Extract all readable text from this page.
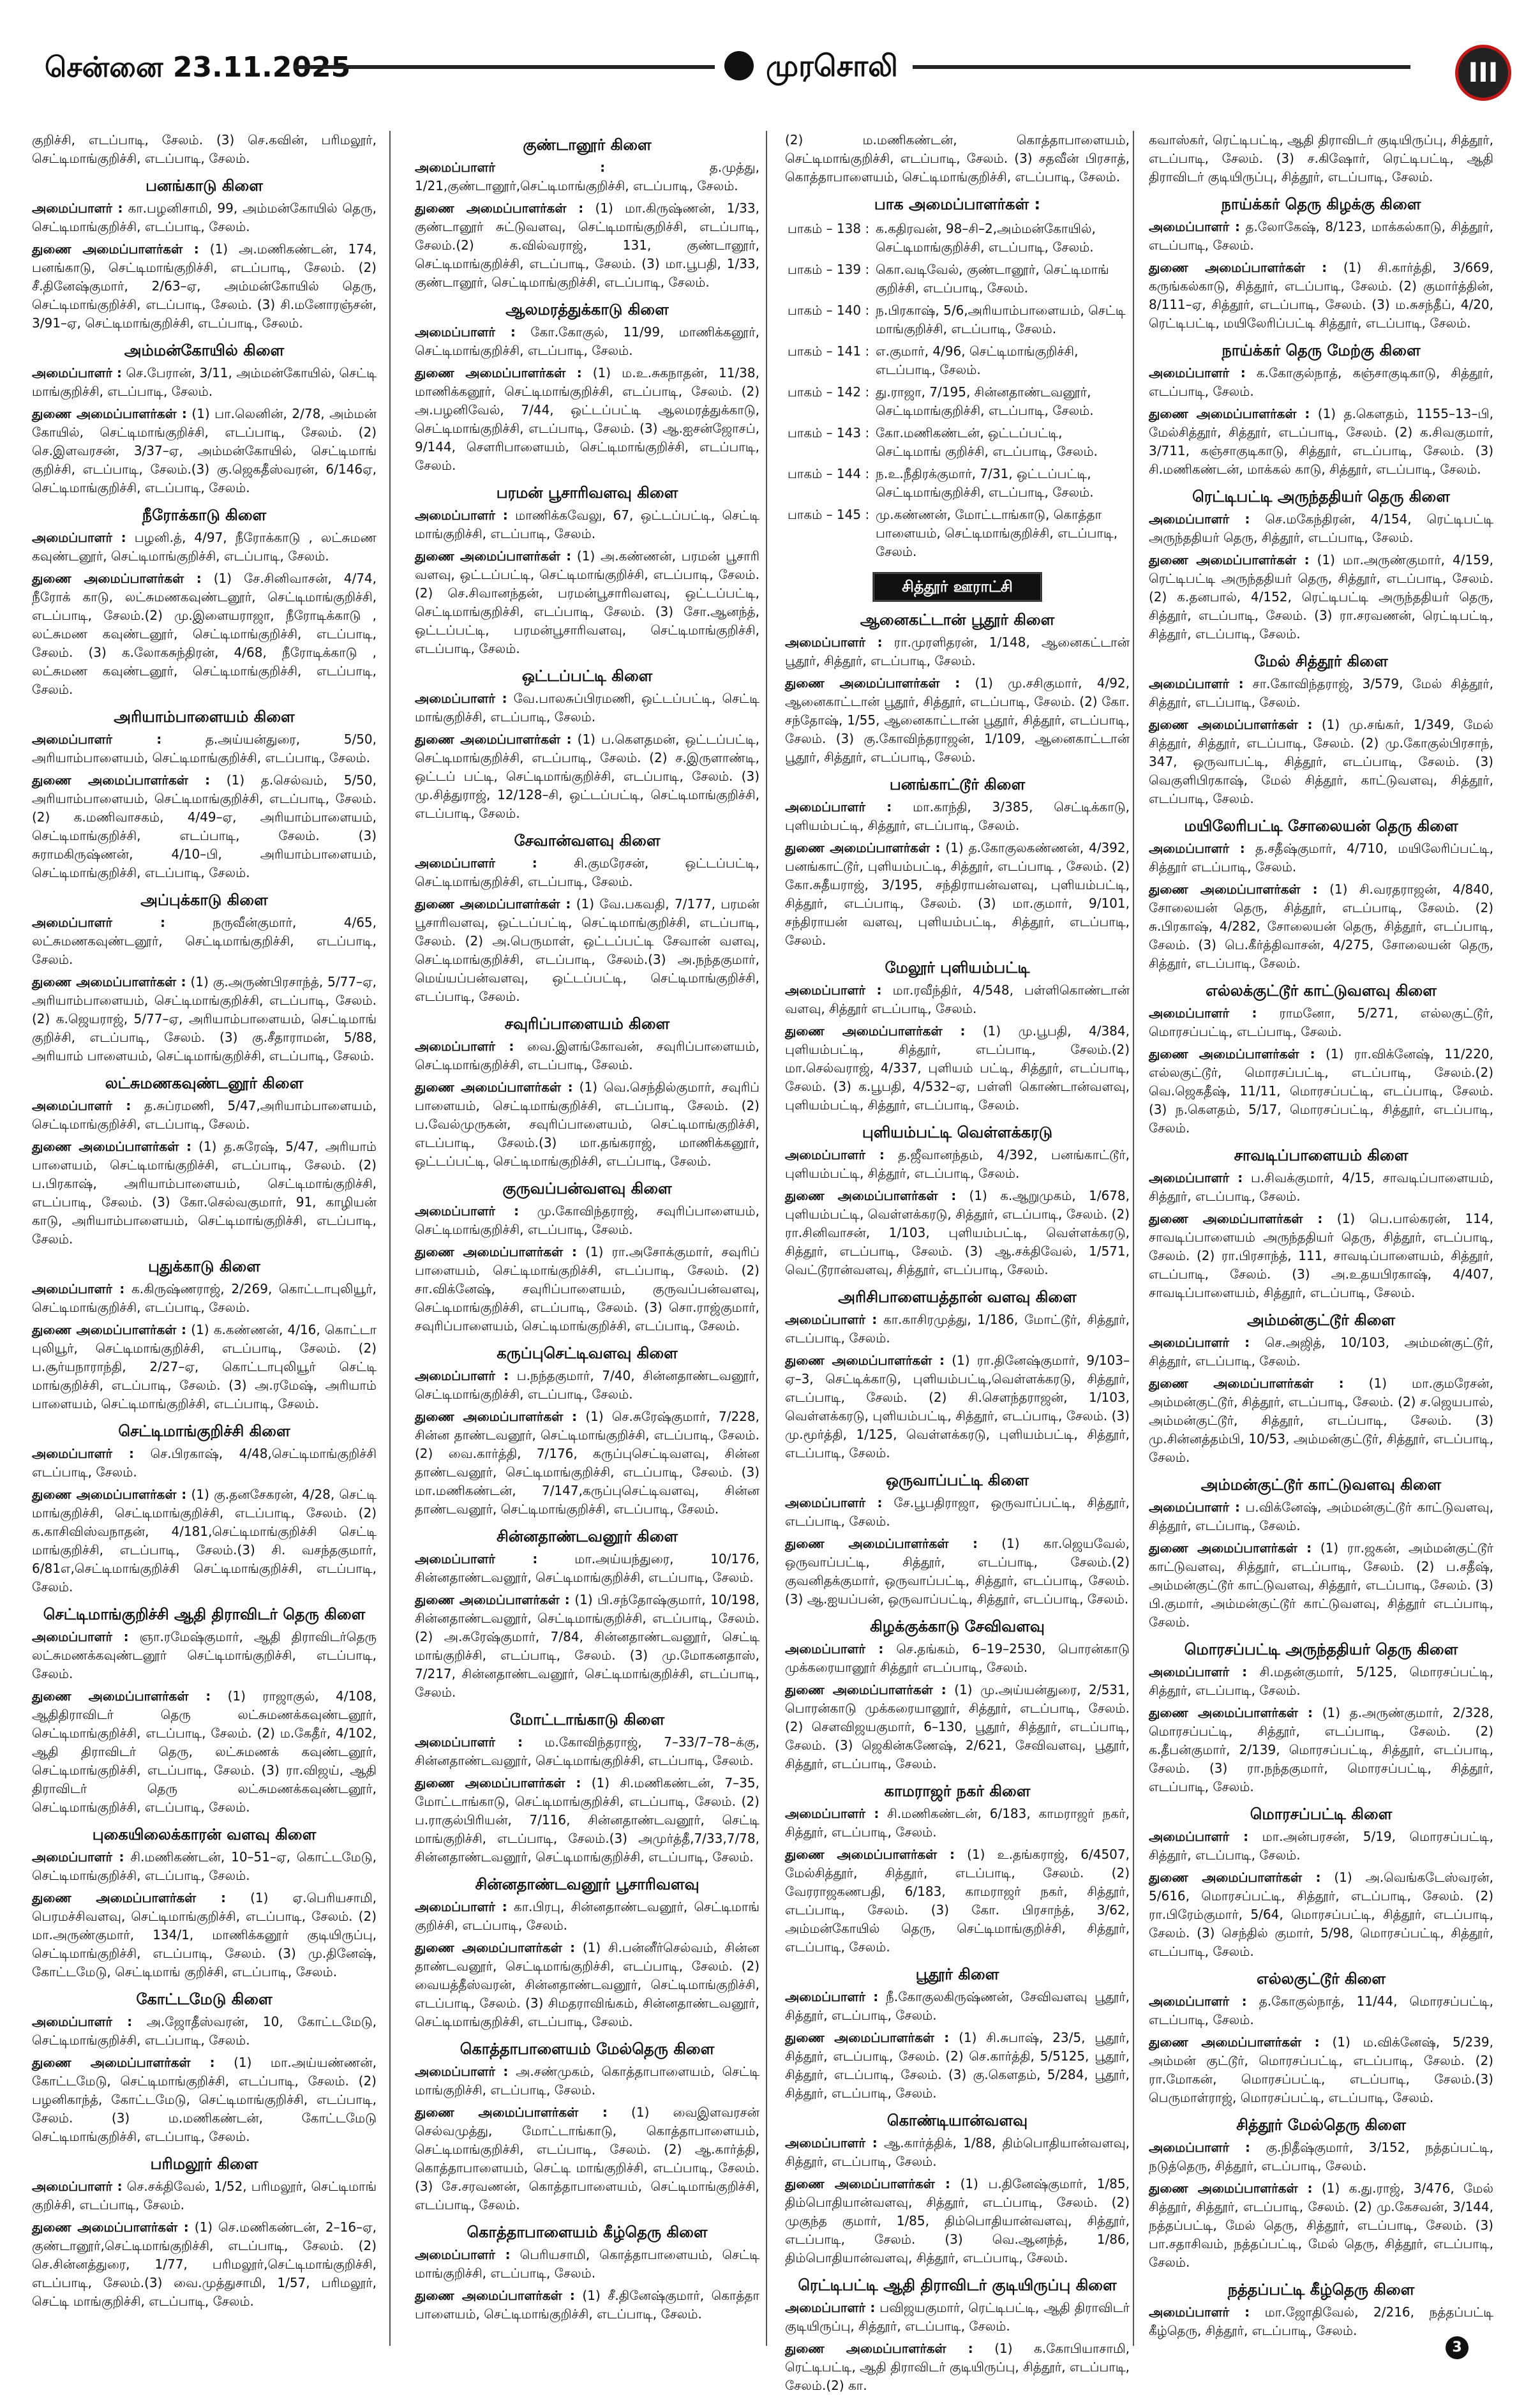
சென்னை 23.11.2025	முரசொலி	III

குறிச்சி, எடப்பாடி, சேலம். (3) செ.கவின், பரிமலூர், செட்டிமாங்குறிச்சி, எடப்பாடி, சேலம்.

பனங்காடு கிளை

அமைப்பாளர் : கா.பழனிசாமி, 99, அம்மன்கோயில் தெரு, செட்டிமாங்குறிச்சி, எடப்பாடி, சேலம்.

துணை அமைப்பாளர்கள் : (1) அ.மணிகண்டன், 174, பனங்காடு, செட்டிமாங்குறிச்சி, எடப்பாடி, சேலம். (2) சீ.தினேஷ்குமார், 2/63–ஏ, அம்மன்கோயில் தெரு, செட்டிமாங்குறிச்சி, எடப்பாடி, சேலம். (3) சி.மனோரஞ்சன், 3/91–ஏ, செட்டிமாங்குறிச்சி, எடப்பாடி, சேலம்.

அம்மன்கோயில் கிளை

அமைப்பாளர் : செ.பேரான், 3/11, அம்மன்கோயில், செட்டி மாங்குறிச்சி, எடப்பாடி, சேலம்.

துணை அமைப்பாளர்கள் : (1) பா.லெனின், 2/78, அம்மன் கோயில், செட்டிமாங்குறிச்சி, எடப்பாடி, சேலம். (2) செ.இளவரசன், 3/37–ஏ, அம்மன்கோயில், செட்டிமாங் குறிச்சி, எடப்பாடி, சேலம்.(3) கு.ஜெகதீஸ்வரன், 6/146ஏ, செட்டிமாங்குறிச்சி, எடப்பாடி, சேலம்.

நீரோக்காடு கிளை

அமைப்பாளர் : பழனி.த், 4/97, நீரோக்காடு , லட்சுமண கவுண்டனூர், செட்டிமாங்குறிச்சி, எடப்பாடி, சேலம்.

துணை அமைப்பாளர்கள் : (1) சே.சினிவாசன், 4/74, நீரோக் காடு, லட்சுமணகவுண்டனூர், செட்டிமாங்குறிச்சி, எடப்பாடி, சேலம்.(2) மு.இளையராஜா, நீரோடிக்காடு , லட்சுமண கவுண்டனூர், செட்டிமாங்குறிச்சி, எடப்பாடி, சேலம். (3) க.லோகசுந்திரன், 4/68, நீரோடிக்காடு , லட்சுமண கவுண்டனூர், செட்டிமாங்குறிச்சி, எடப்பாடி, சேலம்.

அரியாம்பாளையம் கிளை

அமைப்பாளர் :	த.அய்யன்துரை, 5/50, அரியாம்பாளையம், செட்டிமாங்குறிச்சி, எடப்பாடி, சேலம்.

துணை அமைப்பாளர்கள் : (1) த.செல்வம், 5/50, அரியாம்பாளையம், செட்டிமாங்குறிச்சி, எடப்பாடி, சேலம். (2) க.மணிவாசகம், 4/49–ஏ, அரியாம்பாளையம், செட்டிமாங்குறிச்சி, எடப்பாடி, சேலம். (3) சுராமகிருஷ்ணன், 4/10–பி, அரியாம்பாளையம், செட்டிமாங்குறிச்சி, எடப்பாடி, சேலம்.

அப்புக்காடு கிளை

அமைப்பாளர் :	நருவீன்குமார், 4/65, லட்சுமணகவுண்டனூர், செட்டிமாங்குறிச்சி, எடப்பாடி, சேலம்.

துணை அமைப்பாளர்கள் : (1) கு.அருண்பிரசாந்த், 5/77–ஏ, அரியாம்பாளையம், செட்டிமாங்குறிச்சி, எடப்பாடி, சேலம். (2) க.ஜெயராஜ், 5/77–ஏ, அரியாம்பாளையம், செட்டிமாங் குறிச்சி, எடப்பாடி, சேலம். (3) கு.சீதாராமன், 5/88, அரியாம் பாளையம், செட்டிமாங்குறிச்சி, எடப்பாடி, சேலம்.

லட்சுமணகவுண்டனூர் கிளை

அமைப்பாளர் : த.சுப்ரமணி, 5/47,அரியாம்பாளையம், செட்டிமாங்குறிச்சி, எடப்பாடி, சேலம்.

துணை அமைப்பாளர்கள் : (1) த.சுரேஷ், 5/47, அரியாம் பாளையம், செட்டிமாங்குறிச்சி, எடப்பாடி, சேலம். (2) ப.பிரகாஷ், அரியாம்பாளையம், செட்டிமாங்குறிச்சி, எடப்பாடி, சேலம். (3) கோ.செல்வகுமார், 91, காழியன் காடு, அரியாம்பாளையம், செட்டிமாங்குறிச்சி, எடப்பாடி, சேலம்.

புதுக்காடு கிளை

அமைப்பாளர் : க.கிருஷ்ணராஜ், 2/269, கொட்டாபுலியூர், செட்டிமாங்குறிச்சி, எடப்பாடி, சேலம்.

துணை அமைப்பாளர்கள் : (1) க.கண்ணன், 4/16, கொட்டா புலியூர், செட்டிமாங்குறிச்சி, எடப்பாடி, சேலம். (2) ப.சூர்யநாராந்தி, 2/27–ஏ, கொட்டாபுலியூர் செட்டி மாங்குறிச்சி, எடப்பாடி, சேலம். (3) அ.ரமேஷ், அரியாம் பாளையம், செட்டிமாங்குறிச்சி, எடப்பாடி, சேலம்.

செட்டிமாங்குறிச்சி கிளை

அமைப்பாளர் : செ.பிரகாஷ், 4/48,செட்டிமாங்குறிச்சி எடப்பாடி, சேலம்.

துணை அமைப்பாளர்கள் : (1) கு.தனசேகரன், 4/28, செட்டி மாங்குறிச்சி, செட்டிமாங்குறிச்சி, எடப்பாடி, சேலம். (2) க.காசிவிஸ்வநாதன், 4/181,செட்டிமாங்குறிச்சி செட்டி மாங்குறிச்சி, எடப்பாடி, சேலம்.(3) சி. வசந்தகுமார், 6/81எ,செட்டிமாங்குறிச்சி செட்டிமாங்குறிச்சி, எடப்பாடி, சேலம்.

செட்டிமாங்குறிச்சி ஆதி திராவிடர் தெரு கிளை

அமைப்பாளர் : ஞா.ரமேஷ்குமார், ஆதி திராவிடர்தெரு லட்சுமணக்கவுண்டனூர் செட்டிமாங்குறிச்சி, எடப்பாடி, சேலம்.

துணை அமைப்பாளர்கள் : (1) ராஜாகுல், 4/108, ஆதிதிராவிடர் தெரு லட்சுமணக்கவுண்டனூர், செட்டிமாங்குறிச்சி, எடப்பாடி, சேலம். (2) ம.கேதீர், 4/102, ஆதி திராவிடர் தெரு, லட்சுமணக் கவுண்டனூர், செட்டிமாங்குறிச்சி, எடப்பாடி, சேலம். (3) ரா.விஜய், ஆதி திராவிடர் தெரு லட்சுமணக்கவுண்டனூர், செட்டிமாங்குறிச்சி, எடப்பாடி, சேலம்.

புகையிலைக்காரன் வளவு கிளை

அமைப்பாளர் : சி.மணிகண்டன், 10–51–ஏ, கொட்டமேடு, செட்டிமாங்குறிச்சி, எடப்பாடி, சேலம்.

துணை அமைப்பாளர்கள் : (1) ஏ.பெரியசாமி, பெரமச்சிவளவு, செட்டிமாங்குறிச்சி, எடப்பாடி, சேலம். (2) மா.அருண்குமார், 134/1, மாணிக்கனூர் குடியிருப்பு, செட்டிமாங்குறிச்சி, எடப்பாடி, சேலம். (3) மு.தினேஷ், கோட்டமேடு, செட்டிமாங் குறிச்சி, எடப்பாடி, சேலம்.

கோட்டமேடு கிளை

அமைப்பாளர் : அ.ஜோதீஸ்வரன், 10, கோட்டமேடு, செட்டிமாங்குறிச்சி, எடப்பாடி, சேலம்.

துணை அமைப்பாளர்கள் : (1) மா.அய்யண்ணன், கோட்டமேடு, செட்டிமாங்குறிச்சி, எடப்பாடி, சேலம். (2) பழனிகாந்த், கோட்டமேடு, செட்டிமாங்குறிச்சி, எடப்பாடி, சேலம். (3) ம.மணிகண்டன், கோட்டமேடு செட்டிமாங்குறிச்சி, எடப்பாடி, சேலம்.

பரிமலூர் கிளை

அமைப்பாளர் : செ.சக்திவேல், 1/52, பரிமலூர், செட்டிமாங் குறிச்சி, எடப்பாடி, சேலம்.

துணை அமைப்பாளர்கள் : (1) செ.மணிகண்டன், 2–16–ஏ, குண்டானூர்,செட்டிமாங்குறிச்சி, எடப்பாடி, சேலம். (2) செ.சின்னத்துரை, 1/77, பரிமலூர்,செட்டிமாங்குறிச்சி, எடப்பாடி, சேலம்.(3) வை.முத்துசாமி, 1/57, பரிமலூர், செட்டி மாங்குறிச்சி, எடப்பாடி, சேலம்.

குண்டானூர் கிளை

அமைப்பாளர் :	த.முத்து, 1/21,குண்டானூர்,செட்டிமாங்குறிச்சி, எடப்பாடி, சேலம்.

துணை அமைப்பாளர்கள் : (1) மா.கிருஷ்ணன், 1/33, குண்டானூர் சுட்டுவளவு, செட்டிமாங்குறிச்சி, எடப்பாடி, சேலம்.(2) க.வில்வராஜ், 131, குண்டானூர், செட்டிமாங்குறிச்சி, எடப்பாடி, சேலம். (3) மா.பூபதி, 1/33, குண்டானூர், செட்டிமாங்குறிச்சி, எடப்பாடி, சேலம்.

ஆலமரத்துக்காடு கிளை

அமைப்பாளர் : கோ.கோகுல், 11/99, மாணிக்கனூர், செட்டிமாங்குறிச்சி, எடப்பாடி, சேலம்.

துணை அமைப்பாளர்கள் : (1) ம.உ.சுகநாதன், 11/38, மாணிக்கனூர், செட்டிமாங்குறிச்சி, எடப்பாடி, சேலம். (2) அ.பழனிவேல், 7/44, ஒட்டப்பட்டி ஆலமரத்துக்காடு, செட்டிமாங்குறிச்சி, எடப்பாடி, சேலம். (3) ஆ.ஐசன்ஜோசப், 9/144, சௌரிபாளையம், செட்டிமாங்குறிச்சி, எடப்பாடி, சேலம்.

பரமன் பூசாரிவளவு கிளை

அமைப்பாளர் : மாணிக்கவேலு, 67, ஒட்டப்பட்டி, செட்டி மாங்குறிச்சி, எடப்பாடி, சேலம்.

துணை அமைப்பாளர்கள் : (1) அ.கண்ணன், பரமன் பூசாரி வளவு, ஒட்டப்பட்டி, செட்டிமாங்குறிச்சி, எடப்பாடி, சேலம். (2) செ.சிவானந்தன், பரமன்பூசாரிவளவு, ஒட்டப்பட்டி, செட்டிமாங்குறிச்சி, எடப்பாடி, சேலம். (3) சோ.ஆனந்த், ஒட்டப்பட்டி, பரமன்பூசாரிவளவு, செட்டிமாங்குறிச்சி, எடப்பாடி, சேலம்.

ஒட்டப்பட்டி கிளை

அமைப்பாளர் : வே.பாலசுப்பிரமணி, ஒட்டப்பட்டி, செட்டி மாங்குறிச்சி, எடப்பாடி, சேலம்.

துணை அமைப்பாளர்கள் : (1) ப.கௌதமன், ஒட்டப்பட்டி, செட்டிமாங்குறிச்சி, எடப்பாடி, சேலம். (2) ச.இருளாண்டி, ஒட்டப் பட்டி, செட்டிமாங்குறிச்சி, எடப்பாடி, சேலம். (3) மு.சித்துராஜ், 12/128–சி, ஒட்டப்பட்டி, செட்டிமாங்குறிச்சி, எடப்பாடி, சேலம்.

சேவான்வளவு கிளை

அமைப்பாளர் :	சி.குமரேசன், ஒட்டப்பட்டி, செட்டிமாங்குறிச்சி, எடப்பாடி, சேலம்.

துணை அமைப்பாளர்கள் : (1) வே.பகவதி, 7/177, பரமன் பூசாரிவளவு, ஒட்டப்பட்டி, செட்டிமாங்குறிச்சி, எடப்பாடி, சேலம். (2) அ.பெருமாள், ஒட்டப்பட்டி சேவான் வளவு, செட்டிமாங்குறிச்சி, எடப்பாடி, சேலம்.(3) அ.நந்தகுமார், மெய்யப்பன்வளவு, ஒட்டப்பட்டி, செட்டிமாங்குறிச்சி, எடப்பாடி, சேலம்.

சவுரிப்பாளையம் கிளை

அமைப்பாளர் : வை.இளங்கோவன், சவுரிப்பாளையம், செட்டிமாங்குறிச்சி, எடப்பாடி, சேலம்.

துணை அமைப்பாளர்கள் : (1) வெ.செந்தில்குமார், சவுரிப் பாளையம், செட்டிமாங்குறிச்சி, எடப்பாடி, சேலம். (2) ப.வேல்முருகன், சவுரிப்பாளையம், செட்டிமாங்குறிச்சி, எடப்பாடி, சேலம்.(3) மா.தங்கராஜ், மாணிக்கனூர், ஒட்டப்பட்டி, செட்டிமாங்குறிச்சி, எடப்பாடி, சேலம்.

குருவப்பன்வளவு கிளை

அமைப்பாளர் : மு.கோவிந்தராஜ், சவுரிப்பாளையம், செட்டிமாங்குறிச்சி, எடப்பாடி, சேலம்.

துணை அமைப்பாளர்கள் : (1) ரா.அசோக்குமார், சவுரிப் பாளையம், செட்டிமாங்குறிச்சி, எடப்பாடி, சேலம். (2) சா.விக்னேஷ், சவுரிப்பாளையம், குருவப்பன்வளவு, செட்டிமாங்குறிச்சி, எடப்பாடி, சேலம். (3) சொ.ராஜ்குமார், சவுரிப்பாளையம், செட்டிமாங்குறிச்சி, எடப்பாடி, சேலம்.

கருப்புசெட்டிவளவு கிளை

அமைப்பாளர் : ப.நந்தகுமார், 7/40, சின்னதாண்டவனூர், செட்டிமாங்குறிச்சி, எடப்பாடி, சேலம்.

துணை அமைப்பாளர்கள் : (1) செ.சுரேஷ்குமார், 7/228, சின்ன தாண்டவனூர், செட்டிமாங்குறிச்சி, எடப்பாடி, சேலம். (2) வை.கார்த்தி, 7/176, கருப்புசெட்டிவளவு, சின்ன தாண்டவனூர், செட்டிமாங்குறிச்சி, எடப்பாடி, சேலம். (3) மா.மணிகண்டன், 7/147,கருப்புசெட்டிவளவு, சின்ன தாண்டவனூர், செட்டிமாங்குறிச்சி, எடப்பாடி, சேலம்.

சின்னதாண்டவனூர் கிளை

அமைப்பாளர் :	மா.அய்யந்துரை, 10/176, சின்னதாண்டவனூர், செட்டிமாங்குறிச்சி, எடப்பாடி, சேலம்.

துணை அமைப்பாளர்கள் : (1) பி.சந்தோஷ்குமார், 10/198, சின்னதாண்டவனூர், செட்டிமாங்குறிச்சி, எடப்பாடி, சேலம். (2) அ.சுரேஷ்குமார், 7/84, சின்னதாண்டவனூர், செட்டி மாங்குறிச்சி, எடப்பாடி, சேலம். (3) மு.மோகனதாஸ், 7/217, சின்னதாண்டவனூர், செட்டிமாங்குறிச்சி, எடப்பாடி, சேலம்.

மோட்டாங்காடு கிளை

அமைப்பாளர் : ம.கோவிந்தராஜ், 7–33/7–78–க்கு, சின்னதாண்டவனூர், செட்டிமாங்குறிச்சி, எடப்பாடி, சேலம்.

துணை அமைப்பாளர்கள் : (1) சி.மணிகண்டன், 7–35, மோட்டாங்காடு, செட்டிமாங்குறிச்சி, எடப்பாடி, சேலம். (2) ப.ராகுல்பிரியன், 7/116, சின்னதாண்டவனூர், செட்டி மாங்குறிச்சி, எடப்பாடி, சேலம்.(3) அமுர்த்தீ,7/33,7/78, சின்னதாண்டவனூர், செட்டிமாங்குறிச்சி, எடப்பாடி, சேலம்.

சின்னதாண்டவனூர் பூசாரிவளவு

அமைப்பாளர் : கா.பிரபு, சின்னதாண்டவனூர், செட்டிமாங் குறிச்சி, எடப்பாடி, சேலம்.

துணை அமைப்பாளர்கள் : (1) சி.பன்னீர்செல்வம், சின்ன தாண்டவனூர், செட்டிமாங்குறிச்சி, எடப்பாடி, சேலம். (2) வையத்தீஸ்வரன், சின்னதாண்டவனூர், செட்டிமாங்குறிச்சி, எடப்பாடி, சேலம். (3) சிமதராவிங்கம், சின்னதாண்டவனூர், செட்டிமாங்குறிச்சி, எடப்பாடி, சேலம்.

கொத்தாபாளையம் மேல்தெரு கிளை

அமைப்பாளர் : அ.சண்முகம், கொத்தாபாளையம், செட்டி மாங்குறிச்சி, எடப்பாடி, சேலம்.

துணை அமைப்பாளர்கள் : (1) வைஇளவரசன் செல்வமுத்து, மோட்டாங்காடு, கொத்தாபாளையம், செட்டிமாங்குறிச்சி, எடப்பாடி, சேலம். (2) ஆ.கார்த்தி, கொத்தாபாளையம், செட்டி மாங்குறிச்சி, எடப்பாடி, சேலம்.(3) சே.சரவணன், கொத்தாபாளையம், செட்டிமாங்குறிச்சி, எடப்பாடி, சேலம்.

கொத்தாபாளையம் கீழ்தெரு கிளை

அமைப்பாளர் : பெரியசாமி, கொத்தாபாளையம், செட்டி மாங்குறிச்சி, எடப்பாடி, சேலம்.

துணை அமைப்பாளர்கள் : (1) சீ.தினேஷ்குமார், கொத்தா பாளையம், செட்டிமாங்குறிச்சி, எடப்பாடி, சேலம்.

(2) ம.மணிகண்டன், கொத்தாபாளையம், செட்டிமாங்குறிச்சி, எடப்பாடி, சேலம். (3) சதவீன் பிரசாத், கொத்தாபாளையம், செட்டிமாங்குறிச்சி, எடப்பாடி, சேலம்.

பாக அமைப்பாளர்கள் :
பாகம் – 138 :	க.கதிரவன், 98–சி–2,அம்மன்கோயில், செட்டிமாங்குறிச்சி, எடப்பாடி, சேலம்.
பாகம் – 139 :	கொ.வடிவேல், குண்டானூர், செட்டிமாங் குறிச்சி, எடப்பாடி, சேலம்.
பாகம் – 140 :	ந.பிரகாஷ், 5/6,அரியாம்பாளையம், செட்டி மாங்குறிச்சி, எடப்பாடி, சேலம்.
பாகம் – 141 :	எ.குமார், 4/96, செட்டிமாங்குறிச்சி, எடப்பாடி, சேலம்.
பாகம் – 142 :	து.ராஜா, 7/195, சின்னதாண்டவனூர், செட்டிமாங்குறிச்சி, எடப்பாடி, சேலம்.
பாகம் – 143 :	கோ.மணிகண்டன், ஒட்டப்பட்டி, செட்டிமாங் குறிச்சி, எடப்பாடி, சேலம்.
பாகம் – 144 :	ந.உ.நீதிரக்குமார், 7/31, ஒட்டப்பட்டி, செட்டிமாங்குறிச்சி, எடப்பாடி, சேலம்.
பாகம் – 145 :	மு.கண்ணன், மோட்டாங்காடு, கொத்தா பாளையம், செட்டிமாங்குறிச்சி, எடப்பாடி, சேலம்.
சித்தூர் ஊராட்சி
ஆனைகட்டான் பூதூர் கிளை

அமைப்பாளர் : ரா.முரளிதரன், 1/148, ஆனைகட்டான் பூதூர், சித்தூர், எடப்பாடி, சேலம்.

துணை அமைப்பாளர்கள் : (1) மு.சசிகுமார், 4/92, ஆனைகாட்டான் பூதூர், சித்தூர், எடப்பாடி, சேலம். (2) கோ. சந்தோஷ், 1/55, ஆனைகாட்டான் பூதூர், சித்தூர், எடப்பாடி, சேலம். (3) கு.கோவிந்தராஜன், 1/109, ஆனைகாட்டான் பூதூர், சித்தூர், எடப்பாடி, சேலம்.

பனங்காட்டூர் கிளை

அமைப்பாளர் : மா.காந்தி, 3/385, செட்டிக்காடு, புளியம்பட்டி, சித்தூர், எடப்பாடி, சேலம்.

துணை அமைப்பாளர்கள் : (1) த.கோகுலகண்ணன், 4/392, பனங்காட்டூர், புளியம்பட்டி, சித்தூர், எடப்பாடி , சேலம். (2) கோ.சுதீயராஜ், 3/195, சந்திராயன்வளவு, புளியம்பட்டி, சித்தூர், எடப்பாடி, சேலம். (3) மா.குமார், 9/101, சந்திராயன் வளவு, புளியம்பட்டி, சித்தூர், எடப்பாடி, சேலம்.

மேலூர் புளியம்பட்டி

அமைப்பாளர் : மா.ரவீந்திர், 4/548, பள்ளிகொண்டான் வளவு, சித்தூர் எடப்பாடி, சேலம்.

துணை அமைப்பாளர்கள் : (1) மு.பூபதி, 4/384, புளியம்பட்டி, சித்தூர், எடப்பாடி, சேலம்.(2) மா.செல்வராஜ், 4/337, புளியம் பட்டி, சித்தூர், எடப்பாடி, சேலம். (3) க.பூபதி, 4/532–ஏ, பள்ளி கொண்டான்வளவு, புளியம்பட்டி, சித்தூர், எடப்பாடி, சேலம்.

புளியம்பட்டி வெள்ளக்கரடு

அமைப்பாளர் : த.ஜீவானந்தம், 4/392, பனங்காட்டூர், புளியம்பட்டி, சித்தூர், எடப்பாடி, சேலம்.

துணை அமைப்பாளர்கள் : (1) க.ஆறுமுகம், 1/678, புளியம்பட்டி, வெள்ளக்கரடு, சித்தூர், எடப்பாடி, சேலம். (2) ரா.சினிவாசன், 1/103, புளியம்பட்டி, வெள்ளக்கரடு, சித்தூர், எடப்பாடி, சேலம். (3) ஆ.சக்திவேல், 1/571, வெட்டூரான்வளவு, சித்தூர், எடப்பாடி, சேலம்.

அரிசிபாளையத்தான் வளவு கிளை

அமைப்பாளர் : கா.காசிரமுத்து, 1/186, மோட்டூர், சித்தூர், எடப்பாடி, சேலம்.

துணை அமைப்பாளர்கள் : (1) ரா.தினேஷ்குமார், 9/103–ஏ–3, செட்டிக்காடு, புளியம்பட்டி,வெள்ளக்கரடு, சித்தூர், எடப்பாடி, சேலம். (2) சி.சௌந்தராஜன், 1/103, வெள்ளக்கரடு, புளியம்பட்டி, சித்தூர், எடப்பாடி, சேலம். (3) மு.மூர்த்தி, 1/125, வெள்ளக்கரடு, புளியம்பட்டி, சித்தூர், எடப்பாடி, சேலம்.

ஒருவாப்பட்டி கிளை

அமைப்பாளர் : சே.பூபதிராஜா, ஒருவாப்பட்டி, சித்தூர், எடப்பாடி, சேலம்.

துணை அமைப்பாளர்கள் : (1) கா.ஜெயவேல், ஒருவாப்பட்டி, சித்தூர், எடப்பாடி, சேலம்.(2) குவனிதக்குமார், ஒருவாப்பட்டி, சித்தூர், எடப்பாடி, சேலம். (3) ஆ.ஐயப்பன், ஒருவாப்பட்டி, சித்தூர், எடப்பாடி, சேலம்.

கிழக்குக்காடு சேவிவளவு

அமைப்பாளர் : செ.தங்கம், 6–19–2530, பொரன்காடு முக்கரையானூர் சித்தூர் எடப்பாடி, சேலம்.

துணை அமைப்பாளர்கள் : (1) மு.அய்யன்துரை, 2/531, பொரன்காடு முக்கரையானூர், சித்தூர், எடப்பாடி, சேலம். (2) செளவிஜயகுமார், 6–130, பூதூர், சித்தூர், எடப்பாடி, சேலம். (3) ஜெகின்கணேஷ், 2/621, சேவிவளவு, பூதூர், சித்தூர், எடப்பாடி, சேலம்.

காமராஜர் நகர் கிளை

அமைப்பாளர் : சி.மணிகண்டன், 6/183, காமராஜர் நகர், சித்தூர், எடப்பாடி, சேலம்.

துணை அமைப்பாளர்கள் : (1) உ.தங்கராஜ், 6/4507, மேல்சித்தூர், சித்தூர், எடப்பாடி, சேலம். (2) வேரராஜகணபதி, 6/183, காமராஜர் நகர், சித்தூர், எடப்பாடி, சேலம். (3) கோ. பிரசாந்த், 3/62, அம்மன்கோயில் தெரு, செட்டிமாங்குறிச்சி, சித்தூர், எடப்பாடி, சேலம்.

பூதூர் கிளை

அமைப்பாளர் : நீ.கோகுலகிருஷ்ணன், சேவிவளவு பூதூர், சித்தூர், எடப்பாடி, சேலம்.

துணை அமைப்பாளர்கள் : (1) சி.சுபாஷ், 23/5, பூதூர், சித்தூர், எடப்பாடி, சேலம். (2) செ.கார்த்தி, 5/5125, பூதூர், சித்தூர், எடப்பாடி, சேலம். (3) கு.கௌதம், 5/284, பூதூர், சித்தூர், எடப்பாடி, சேலம்.

கொண்டியான்வளவு

அமைப்பாளர் : ஆ.கார்த்திக், 1/88, திம்பொதியான்வளவு, சித்தூர், எடப்பாடி, சேலம்.

துணை அமைப்பாளர்கள் : (1) ப.தினேஷ்குமார், 1/85, திம்பொதியான்வளவு, சித்தூர், எடப்பாடி, சேலம். (2) முகுந்த குமார், 1/85, திம்பொதியான்வளவு, சித்தூர், எடப்பாடி, சேலம். (3) வெ.ஆனந்த், 1/86, திம்பொதியான்வளவு, சித்தூர், எடப்பாடி, சேலம்.

ரெட்டிபட்டி ஆதி திராவிடர் குடியிருப்பு கிளை

அமைப்பாளர் : பவிஜயகுமார், ரெட்டிபட்டி, ஆதி திராவிடர் குடியிருப்பு, சித்தூர், எடப்பாடி, சேலம்.

துணை அமைப்பாளர்கள் : (1) க.கோபியாசாமி, ரெட்டிபட்டி, ஆதி திராவிடர் குடியிருப்பு, சித்தூர், எடப்பாடி, சேலம்.(2) கா.

கவாஸ்கர், ரெட்டிபட்டி, ஆதி திராவிடர் குடியிருப்பு, சித்தூர், எடப்பாடி, சேலம். (3) ச.கிஷோர், ரெட்டிபட்டி, ஆதி திராவிடர் குடியிருப்பு, சித்தூர், எடப்பாடி, சேலம்.

நாய்க்கர் தெரு கிழக்கு கிளை

அமைப்பாளர் : த.லோகேஷ், 8/123, மாக்கல்காடு, சித்தூர், எடப்பாடி, சேலம்.

துணை அமைப்பாளர்கள் : (1) சி.கார்த்தி, 3/669, கருங்கல்காடு, சித்தூர், எடப்பாடி, சேலம். (2) குமார்த்தின், 8/111–ஏ, சித்தூர், எடப்பாடி, சேலம். (3) ம.சுசந்தீப், 4/20, ரெட்டிபட்டி, மயிலேரிப்பட்டி சித்தூர், எடப்பாடி, சேலம்.

நாய்க்கர் தெரு மேற்கு கிளை

அமைப்பாளர் : க.கோகுல்நாத், கஞ்சாகுடிகாடு, சித்தூர், எடப்பாடி, சேலம்.

துணை அமைப்பாளர்கள் : (1) த.கௌதம், 1155–13–பி, மேல்சித்தூர், சித்தூர், எடப்பாடி, சேலம். (2) க.சிவகுமார், 3/711, கஞ்சாகுடிகாடு, சித்தூர், எடப்பாடி, சேலம். (3) சி.மணிகண்டன், மாக்கல் காடு, சித்தூர், எடப்பாடி, சேலம்.

ரெட்டிபட்டி அருந்ததியர் தெரு கிளை

அமைப்பாளர் : செ.மகேந்திரன், 4/154, ரெட்டிபட்டி அருந்ததியர் தெரு, சித்தூர், எடப்பாடி, சேலம்.

துணை அமைப்பாளர்கள் : (1) மா.அருண்குமார், 4/159, ரெட்டிபட்டி அருந்ததியர் தெரு, சித்தூர், எடப்பாடி, சேலம். (2) க.தனபால், 4/152, ரெட்டிபட்டி அருந்ததியர் தெரு, சித்தூர், எடப்பாடி, சேலம். (3) ரா.சரவணன், ரெட்டிபட்டி, சித்தூர், எடப்பாடி, சேலம்.

மேல் சித்தூர் கிளை

அமைப்பாளர் : சா.கோவிந்தராஜ், 3/579, மேல் சித்தூர், சித்தூர், எடப்பாடி, சேலம்.

துணை அமைப்பாளர்கள் : (1) மு.சங்கர், 1/349, மேல் சித்தூர், சித்தூர், எடப்பாடி, சேலம். (2) மு.கோகுல்பிரசாந், 347, ஒருவாபட்டி, சித்தூர், எடப்பாடி, சேலம். (3) வெகுளிபிரகாஷ், மேல் சித்தூர், காட்டுவளவு, சித்தூர், எடப்பாடி, சேலம்.

மயிலேரிபட்டி சோலையன் தெரு கிளை

அமைப்பாளர் : த.சதீஷ்குமார், 4/710, மயிலேரிப்பட்டி, சித்தூர் எடப்பாடி, சேலம்.

துணை அமைப்பாளர்கள் : (1) சி.வரதராஜன், 4/840, சோலையன் தெரு, சித்தூர், எடப்பாடி, சேலம். (2) சு.பிரகாஷ், 4/282, சோலையன் தெரு, சித்தூர், எடப்பாடி, சேலம். (3) பெ.கீர்த்திவாசன், 4/275, சோலையன் தெரு, சித்தூர், எடப்பாடி, சேலம்.

எல்லக்குட்டூர் காட்டுவளவு கிளை

அமைப்பாளர் : ராமனோ, 5/271, எல்லகுட்டூர், மொரசப்பட்டி, எடப்பாடி, சேலம்.

துணை அமைப்பாளர்கள் : (1) ரா.விக்னேஷ், 11/220, எல்லகுட்டூர், மொரசப்பட்டி, எடப்பாடி, சேலம்.(2) வெ.ஜெகதீஷ், 11/11, மொரசப்பட்டி, எடப்பாடி, சேலம். (3) ந.கௌதம், 5/17, மொரசப்பட்டி, சித்தூர், எடப்பாடி, சேலம்.

சாவடிப்பாளையம் கிளை

அமைப்பாளர் : ப.சிவக்குமார், 4/15, சாவடிப்பாளையம், சித்தூர், எடப்பாடி, சேலம்.

துணை அமைப்பாளர்கள் : (1) பெ.பால்கரன், 114, சாவடிப்பாளையம் அருந்ததியர் தெரு, சித்தூர், எடப்பாடி, சேலம். (2) ரா.பிரசாந்த், 111, சாவடிப்பாளையம், சித்தூர், எடப்பாடி, சேலம். (3) அ.உதயபிரகாஷ், 4/407, சாவடிப்பாளையம், சித்தூர், எடப்பாடி, சேலம்.

அம்மன்குட்டூர் கிளை

அமைப்பாளர் : செ.அஜித், 10/103, அம்மன்குட்டூர், சித்தூர், எடப்பாடி, சேலம்.

துணை அமைப்பாளர்கள் : (1) மா.குமரேசன், அம்மன்குட்டூர், சித்தூர், எடப்பாடி, சேலம். (2) ச.ஜெயபால், அம்மன்குட்டூர், சித்தூர், எடப்பாடி, சேலம். (3) மு.சின்னத்தம்பி, 10/53, அம்மன்குட்டூர், சித்தூர், எடப்பாடி, சேலம்.

அம்மன்குட்டூர் காட்டுவளவு கிளை

அமைப்பாளர் : ப.விக்னேஷ், அம்மன்குட்டூர் காட்டுவளவு, சித்தூர், எடப்பாடி, சேலம்.

துணை அமைப்பாளர்கள் : (1) ரா.ஜகன், அம்மன்குட்டூர் காட்டுவளவு, சித்தூர், எடப்பாடி, சேலம். (2) ப.சதீஷ், அம்மன்குட்டூர் காட்டுவளவு, சித்தூர், எடப்பாடி, சேலம். (3) பி.குமார், அம்மன்குட்டூர் காட்டுவளவு, சித்தூர் எடப்பாடி, சேலம்.

மொரசப்பட்டி அருந்ததியர் தெரு கிளை

அமைப்பாளர் : சி.மதன்குமார், 5/125, மொரசப்பட்டி, சித்தூர், எடப்பாடி, சேலம்.

துணை அமைப்பாளர்கள் : (1) த.அருண்குமார், 2/328, மொரசப்பட்டி, சித்தூர், எடப்பாடி, சேலம். (2) க.தீபன்குமார், 2/139, மொரசப்பட்டி, சித்தூர், எடப்பாடி, சேலம். (3) ரா.நந்தகுமார், மொரசப்பட்டி, சித்தூர், எடப்பாடி, சேலம்.

மொரசப்பட்டி கிளை

அமைப்பாளர் : மா.அன்பரசன், 5/19, மொரசப்பட்டி, சித்தூர், எடப்பாடி, சேலம்.

துணை அமைப்பாளர்கள் : (1) அ.வெங்கடேஸ்வரன், 5/616, மொரசப்பட்டி, சித்தூர், எடப்பாடி, சேலம். (2) ரா.பிரேம்குமார், 5/64, மொரசப்பட்டி, சித்தூர், எடப்பாடி, சேலம். (3) செந்தில் குமார், 5/98, மொரசப்பட்டி, சித்தூர், எடப்பாடி, சேலம்.

எல்லகுட்டூர் கிளை

அமைப்பாளர் : த.கோகுல்நாத், 11/44, மொரசப்பட்டி, எடப்பாடி, சேலம்.

துணை அமைப்பாளர்கள் : (1) ம.விக்னேஷ், 5/239, அம்மன் குட்டூர், மொரசப்பட்டி, எடப்பாடி, சேலம். (2) ரா.மோகன், மொரசப்பட்டி, எடப்பாடி, சேலம்.(3) பெருமாள்ராஜ், மொரசப்பட்டி, எடப்பாடி, சேலம்.

சித்தூர் மேல்தெரு கிளை

அமைப்பாளர் : கு.நிதீஷ்குமார், 3/152, நத்தப்பட்டி, நடுத்தெரு, சித்தூர், எடப்பாடி, சேலம்.

துணை அமைப்பாளர்கள் : (1) க.து.ராஜ், 3/476, மேல் சித்தூர், சித்தூர், எடப்பாடி, சேலம். (2) மு.கேசவன், 3/144, நத்தப்பட்டி, மேல் தெரு, சித்தூர், எடப்பாடி, சேலம். (3) பா.சதாசிவம், நத்தப்பட்டி, மேல் தெரு, சித்தூர், எடப்பாடி, சேலம்.

நத்தப்பட்டி கீழ்தெரு கிளை

அமைப்பாளர் : மா.ஜோதிவேல், 2/216, நத்தப்பட்டி கீழ்தெரு, சித்தூர், எடப்பாடி, சேலம்.

3
